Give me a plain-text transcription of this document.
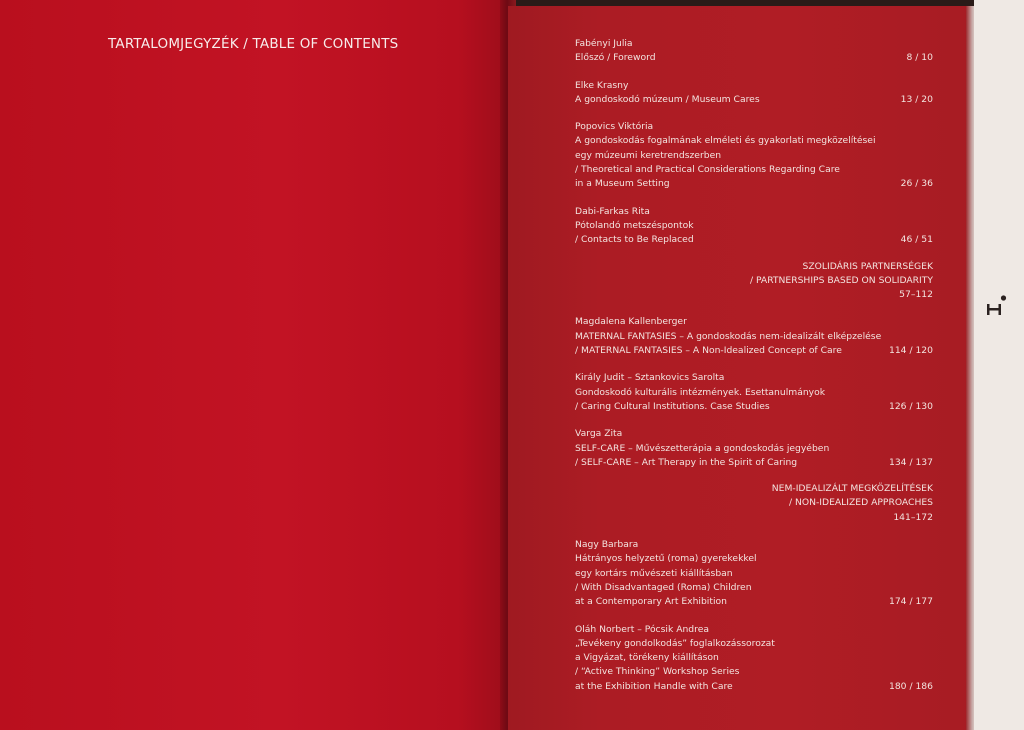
TARTALOMJEGYZÉK / TABLE OF CONTENTS	Fabényi Julia
Előszó / Foreword	8 / 10
Elke Krasny
A gondoskodó múzeum / Museum Cares	13 / 20
Popovics Viktória
A gondoskodás fogalmának elméleti és gyakorlati megközelítései
egy múzeumi keretrendszerben
/ Theoretical and Practical Considerations Regarding Care
in a Museum Setting	26 / 36
Dabi-Farkas Rita
Pótolandó metszéspontok
/ Contacts to Be Replaced	46 / 51
SZOLIDÁRIS PARTNERSÉGEK
/ PARTNERSHIPS BASED ON SOLIDARITY
57–112
Magdalena Kallenberger
MATERNAL FANTASIES – A gondoskodás nem-idealizált elképzelése
/ MATERNAL FANTASIES – A Non-Idealized Concept of Care	114 / 120
Király Judit – Sztankovics Sarolta
Gondoskodó kulturális intézmények. Esettanulmányok
/ Caring Cultural Institutions. Case Studies	126 / 130
Varga Zita
SELF-CARE – Művészetterápia a gondoskodás jegyében
/ SELF-CARE – Art Therapy in the Spirit of Caring	134 / 137
NEM-IDEALIZÁLT MEGKÖZELÍTÉSEK
/ NON-IDEALIZED APPROACHES
141–172
Nagy Barbara
Hátrányos helyzetű (roma) gyerekekkel
egy kortárs művészeti kiállításban
/ With Disadvantaged (Roma) Children
at a Contemporary Art Exhibition	174 / 177
Oláh Norbert – Pócsik Andrea
„Tevékeny gondolkodás” foglalkozássorozat
a Vigyázat, törékeny kiállításon
/ “Active Thinking” Workshop Series
at the Exhibition Handle with Care	180 / 186
